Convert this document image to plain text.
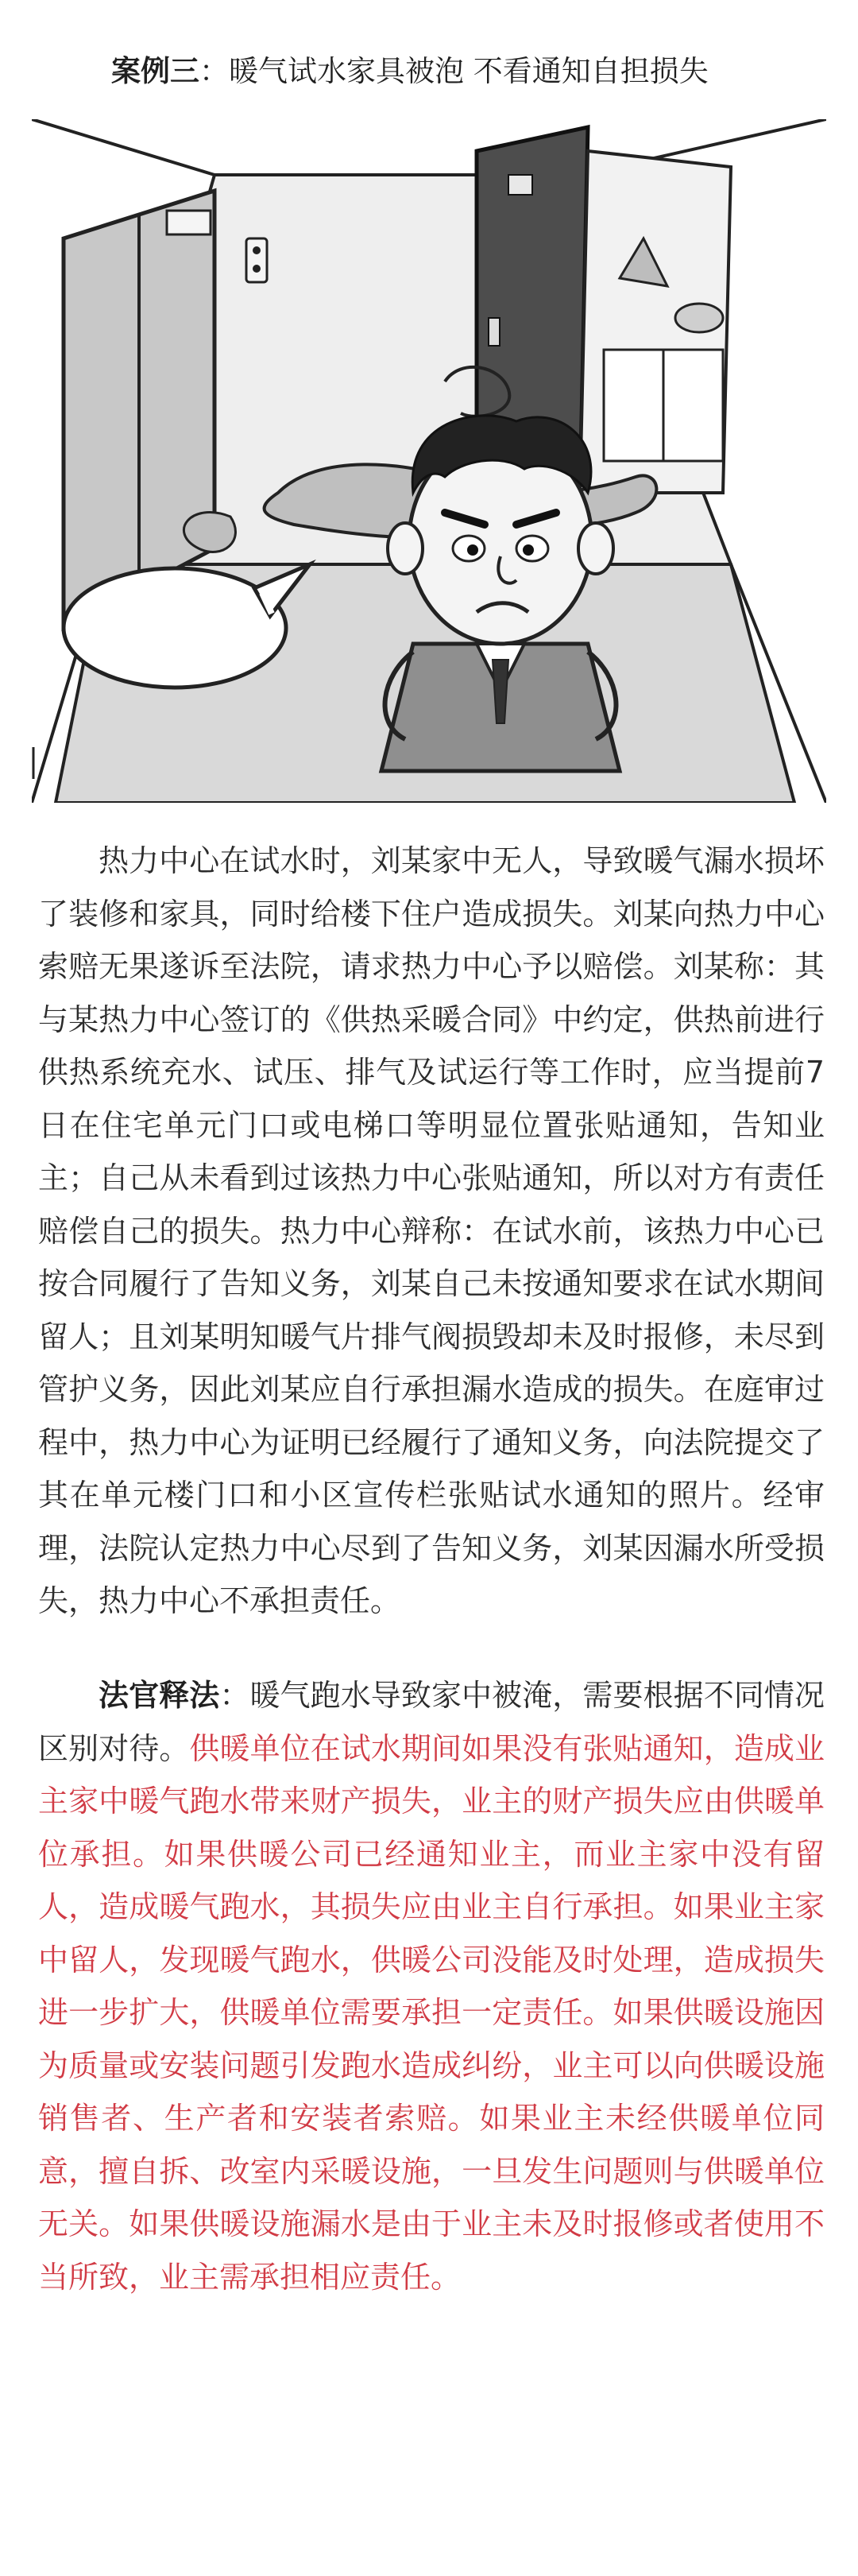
案例三：暖气试水家具被泡 不看通知自担损失

热力中心在试水时，刘某家中无人，导致暖气漏水损坏了装修和家具，同时给楼下住户造成损失。刘某向热力中心索赔无果遂诉至法院，请求热力中心予以赔偿。刘某称：其与某热力中心签订的《供热采暖合同》中约定，供热前进行供热系统充水、试压、排气及试运行等工作时，应当提前7日在住宅单元门口或电梯口等明显位置张贴通知，告知业主；自己从未看到过该热力中心张贴通知，所以对方有责任赔偿自己的损失。热力中心辩称：在试水前，该热力中心已按合同履行了告知义务，刘某自己未按通知要求在试水期间留人；且刘某明知暖气片排气阀损毁却未及时报修，未尽到管护义务，因此刘某应自行承担漏水造成的损失。在庭审过程中，热力中心为证明已经履行了通知义务，向法院提交了其在单元楼门口和小区宣传栏张贴试水通知的照片。经审理，法院认定热力中心尽到了告知义务，刘某因漏水所受损失，热力中心不承担责任。

法官释法：暖气跑水导致家中被淹，需要根据不同情况区别对待。供暖单位在试水期间如果没有张贴通知，造成业主家中暖气跑水带来财产损失，业主的财产损失应由供暖单位承担。如果供暖公司已经通知业主，而业主家中没有留人，造成暖气跑水，其损失应由业主自行承担。如果业主家中留人，发现暖气跑水，供暖公司没能及时处理，造成损失进一步扩大，供暖单位需要承担一定责任。如果供暖设施因为质量或安装问题引发跑水造成纠纷，业主可以向供暖设施销售者、生产者和安装者索赔。如果业主未经供暖单位同意，擅自拆、改室内采暖设施，一旦发生问题则与供暖单位无关。如果供暖设施漏水是由于业主未及时报修或者使用不当所致，业主需承担相应责任。
